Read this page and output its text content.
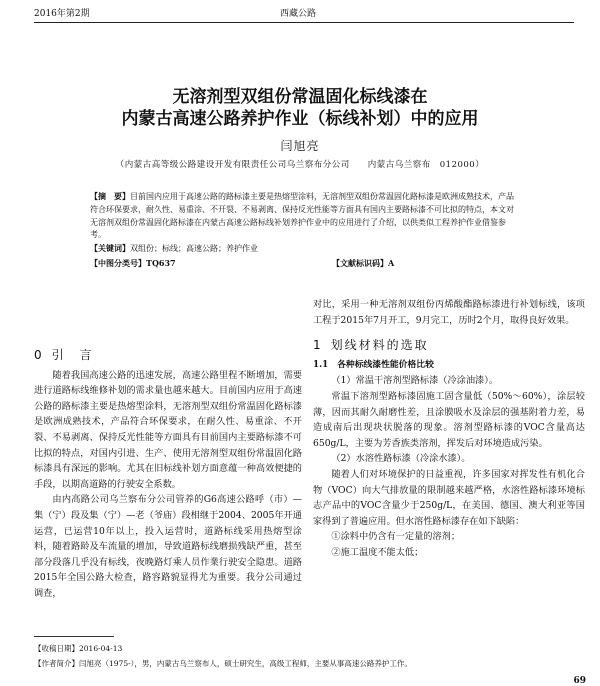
2016年第2期	西藏公路
无溶剂型双组份常温固化标线漆在
内蒙古高速公路养护作业（标线补划）中的应用
闫旭亮
（内蒙古高等级公路建设开发有限责任公司乌兰察布分公司　　内蒙古乌兰察布　012000）
【摘　要】目前国内应用于高速公路的路标漆主要是热熔型涂料，无溶剂型双组份常温固化路标漆是欧洲成熟技术，产品符合环保要求，耐久性、易重涂、不开裂、不易剥离、保持反光性能等方面具有国内主要路标漆不可比拟的特点，本文对无溶剂双组份常温固化路标漆在内蒙古高速公路标线补划养护作业中的应用进行了介绍，以供类似工程养护作业借鉴参考。
【关键词】双组份；标线；高速公路；养护作业
【中图分类号】TQ637	【文献标识码】A
0 引　言

随着我国高速公路的迅速发展，高速公路里程不断增加，需要进行道路标线维修补划的需求量也越来越大。目前国内应用于高速公路的路标漆主要是热熔型涂料，无溶剂型双组份常温固化路标漆是欧洲成熟技术，产品符合环保要求，在耐久性、易重涂、不开裂、不易剥离、保持反光性能等方面具有目前国内主要路标漆不可比拟的特点，对国内引进、生产、使用无溶剂型双组份常温固化路标漆具有深远的影响。尤其在旧标线补划方面意蕴一种高效便捷的手段，以期高道路的行驶安全系数。

由内高路公司乌兰察布分公司管养的G6高速公路呼（市）—集（宁）段及集（宁）—老（爷庙）段相继于2004、2005年开通运营，已运营10年以上，投入运营时，道路标线采用热熔型涂料，随着路龄及车流量的增加，导致道路标线磨损残缺严重，甚至部分段落几乎没有标线，夜晚路灯乘人员作業行驶安全隐患。道路2015年全国公路大检查，路容路貌显得尤为重要。我分公司通过调查，

对比，采用一种无溶剂双组份丙烯酸酯路标漆进行补划标线，该项工程于2015年7月开工，9月完工，历时2个月，取得良好效果。

1 划线材料的选取

1.1　各种标线漆性能价格比较

（1）常温干溶剂型路标漆（冷涂油漆）。

常温下溶剂型路标漆固施工固含量低（50%～60%），涂层较薄，因而其耐久耐磨性差，且涂膜吸水及涂层的强基附着力差，易造成南后出现块状脱落的现象。溶剂型路标漆的VOC含量高达650g/L，主要为芳香族类溶剂，挥发后对环境造成污染。

（2）水溶性路标漆（冷涂水漆）。

随着人们对环境保护的日益重视，许多国家对挥发性有机化合物（VOC）向大气排放量的限制越来越严格，水溶性路标漆环境标志产品中的VOC含量少于250g/L，在美国、德国、澳大利亚等国家得到了普遍应用。但水溶性路标漆存在如下缺陷：

①涂料中仍含有一定量的溶剂；

②施工温度不能太低；

【收稿日期】2016-04-13
【作者简介】闫旭亮（1975-），男，内蒙古乌兰察布人，硕士研究生，高级工程师，主要从事高速公路养护工作。
69
